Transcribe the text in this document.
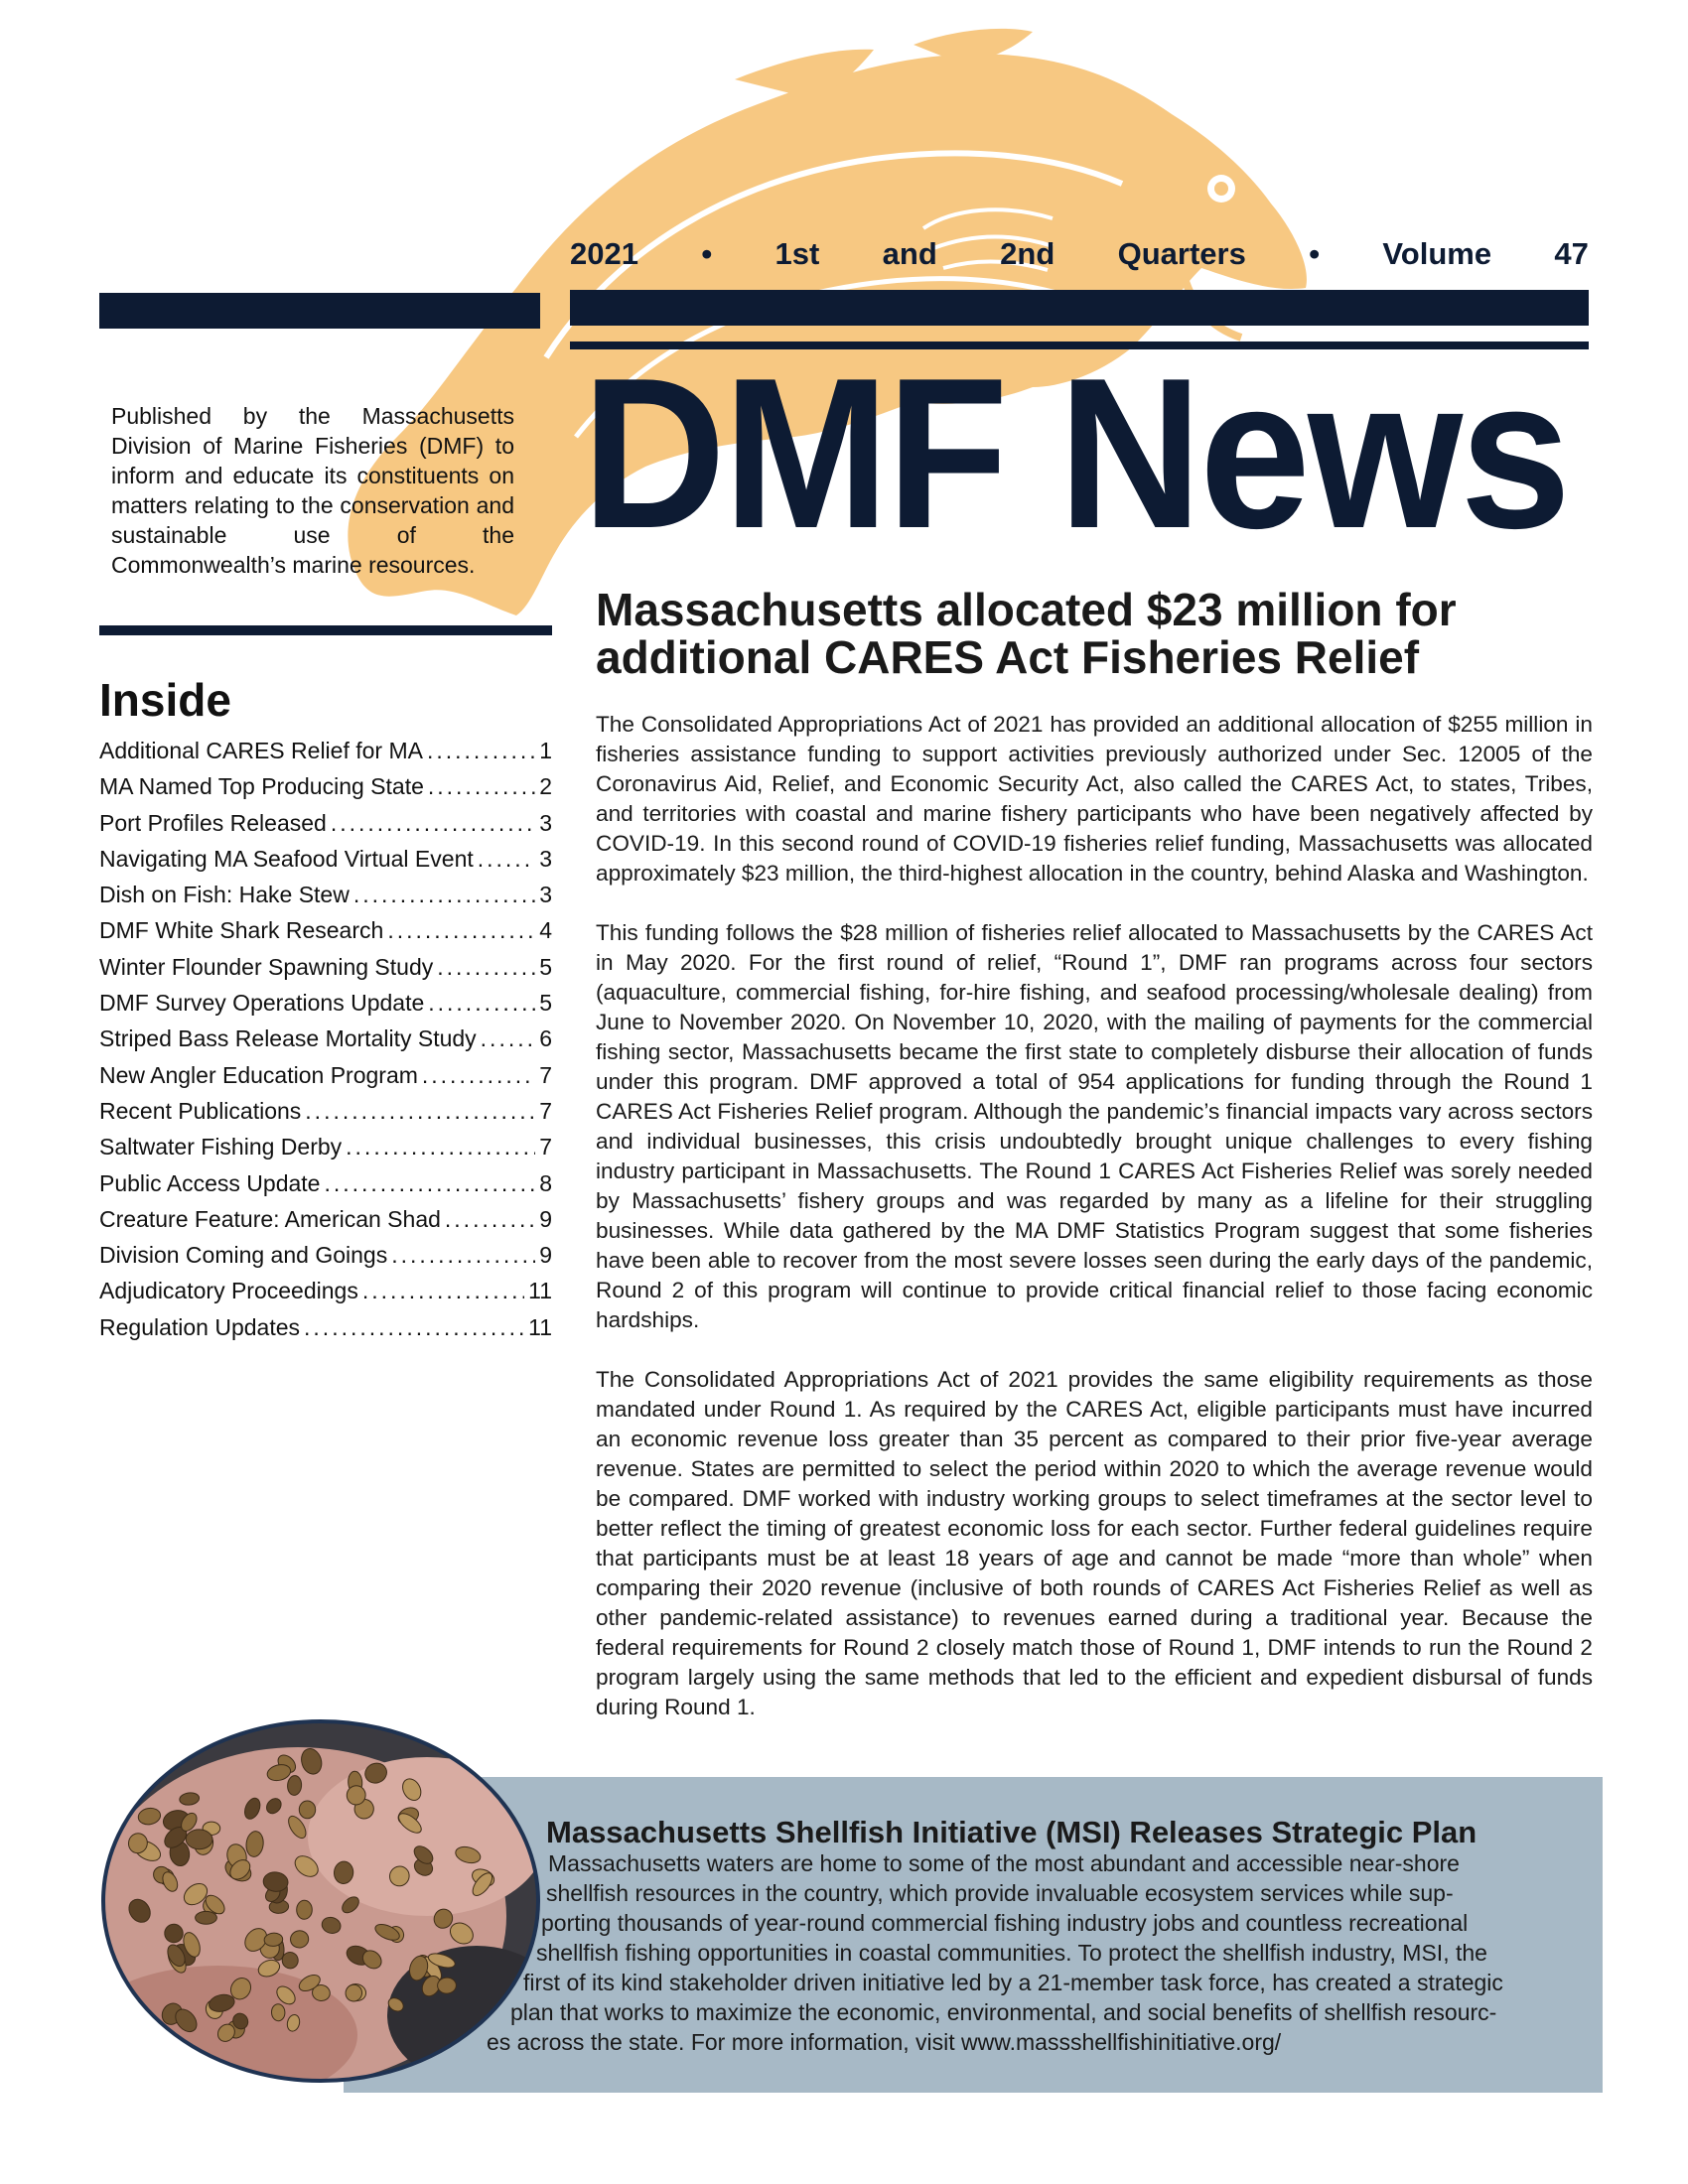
2021 • 1st and 2nd Quarters • Volume 47
DMF News
Published by the Massachusetts Division of Marine Fisheries (DMF) to inform and educate its constituents on matters relating to the conservation and sustainable use of the Commonwealth’s marine resources.
Inside
Additional CARES Relief for MA .....	1
MA Named Top Producing State .....	2
Port Profiles Released .....	3
Navigating MA Seafood Virtual Event .....	3
Dish on Fish: Hake Stew .....	3
DMF White Shark Research .....	4
Winter Flounder Spawning Study .....	5
DMF Survey Operations Update .....	5
Striped Bass Release Mortality Study .....	6
New Angler Education Program .....	7
Recent Publications .....	7
Saltwater Fishing Derby .....	7
Public Access Update .....	8
Creature Feature: American Shad .....	9
Division Coming and Goings .....	9
Adjudicatory Proceedings .....	11
Regulation Updates .....	11
Massachusetts allocated $23 million for additional CARES Act Fisheries Relief

The Consolidated Appropriations Act of 2021 has provided an additional allocation of $255 million in fisheries assistance funding to support activities previously authorized under Sec. 12005 of the Coronavirus Aid, Relief, and Economic Security Act, also called the CARES Act, to states, Tribes, and territories with coastal and marine fishery participants who have been negatively affected by COVID-19. In this second round of COVID-19 fisheries relief funding, Massachusetts was allocated approximately $23 million, the third-highest allocation in the country, behind Alaska and Washington.

This funding follows the $28 million of fisheries relief allocated to Massachusetts by the CARES Act in May 2020. For the first round of relief, “Round 1”, DMF ran programs across four sectors (aquaculture, commercial fishing, for-hire fishing, and seafood processing/wholesale dealing) from June to November 2020. On November 10, 2020, with the mailing of payments for the commercial fishing sector, Massachusetts became the first state to completely disburse their allocation of funds under this program. DMF approved a total of 954 applications for funding through the Round 1 CARES Act Fisheries Relief program. Although the pandemic’s financial impacts vary across sectors and individual businesses, this crisis undoubtedly brought unique challenges to every fishing industry participant in Massachusetts. The Round 1 CARES Act Fisheries Relief was sorely needed by Massachusetts’ fishery groups and was regarded by many as a lifeline for their struggling businesses. While data gathered by the MA DMF Statistics Program suggest that some fisheries have been able to recover from the most severe losses seen during the early days of the pandemic, Round 2 of this program will continue to provide critical financial relief to those facing economic hardships.

The Consolidated Appropriations Act of 2021 provides the same eligibility requirements as those mandated under Round 1. As required by the CARES Act, eligible participants must have incurred an economic revenue loss greater than 35 percent as compared to their prior five-year average revenue. States are permitted to select the period within 2020 to which the average revenue would be compared. DMF worked with industry working groups to select timeframes at the sector level to better reflect the timing of greatest economic loss for each sector. Further federal guidelines require that participants must be at least 18 years of age and cannot be made “more than whole” when comparing their 2020 revenue (inclusive of both rounds of CARES Act Fisheries Relief as well as other pandemic-related assistance) to revenues earned during a traditional year. Because the federal requirements for Round 2 closely match those of Round 1, DMF intends to run the Round 2 program largely using the same methods that led to the efficient and expedient disbursal of funds during Round 1.

Massachusetts Shellfish Initiative (MSI) Releases Strategic Plan
Massachusetts waters are home to some of the most abundant and accessible near-shore
shellfish resources in the country, which provide invaluable ecosystem services while sup-
porting thousands of year-round commercial fishing industry jobs and countless recreational
shellfish fishing opportunities in coastal communities. To protect the shellfish industry, MSI, the
first of its kind stakeholder driven initiative led by a 21-member task force, has created a strategic
plan that works to maximize the economic, environmental, and social benefits of shellfish resourc-
es across the state. For more information, visit www.massshellfishinitiative.org/
